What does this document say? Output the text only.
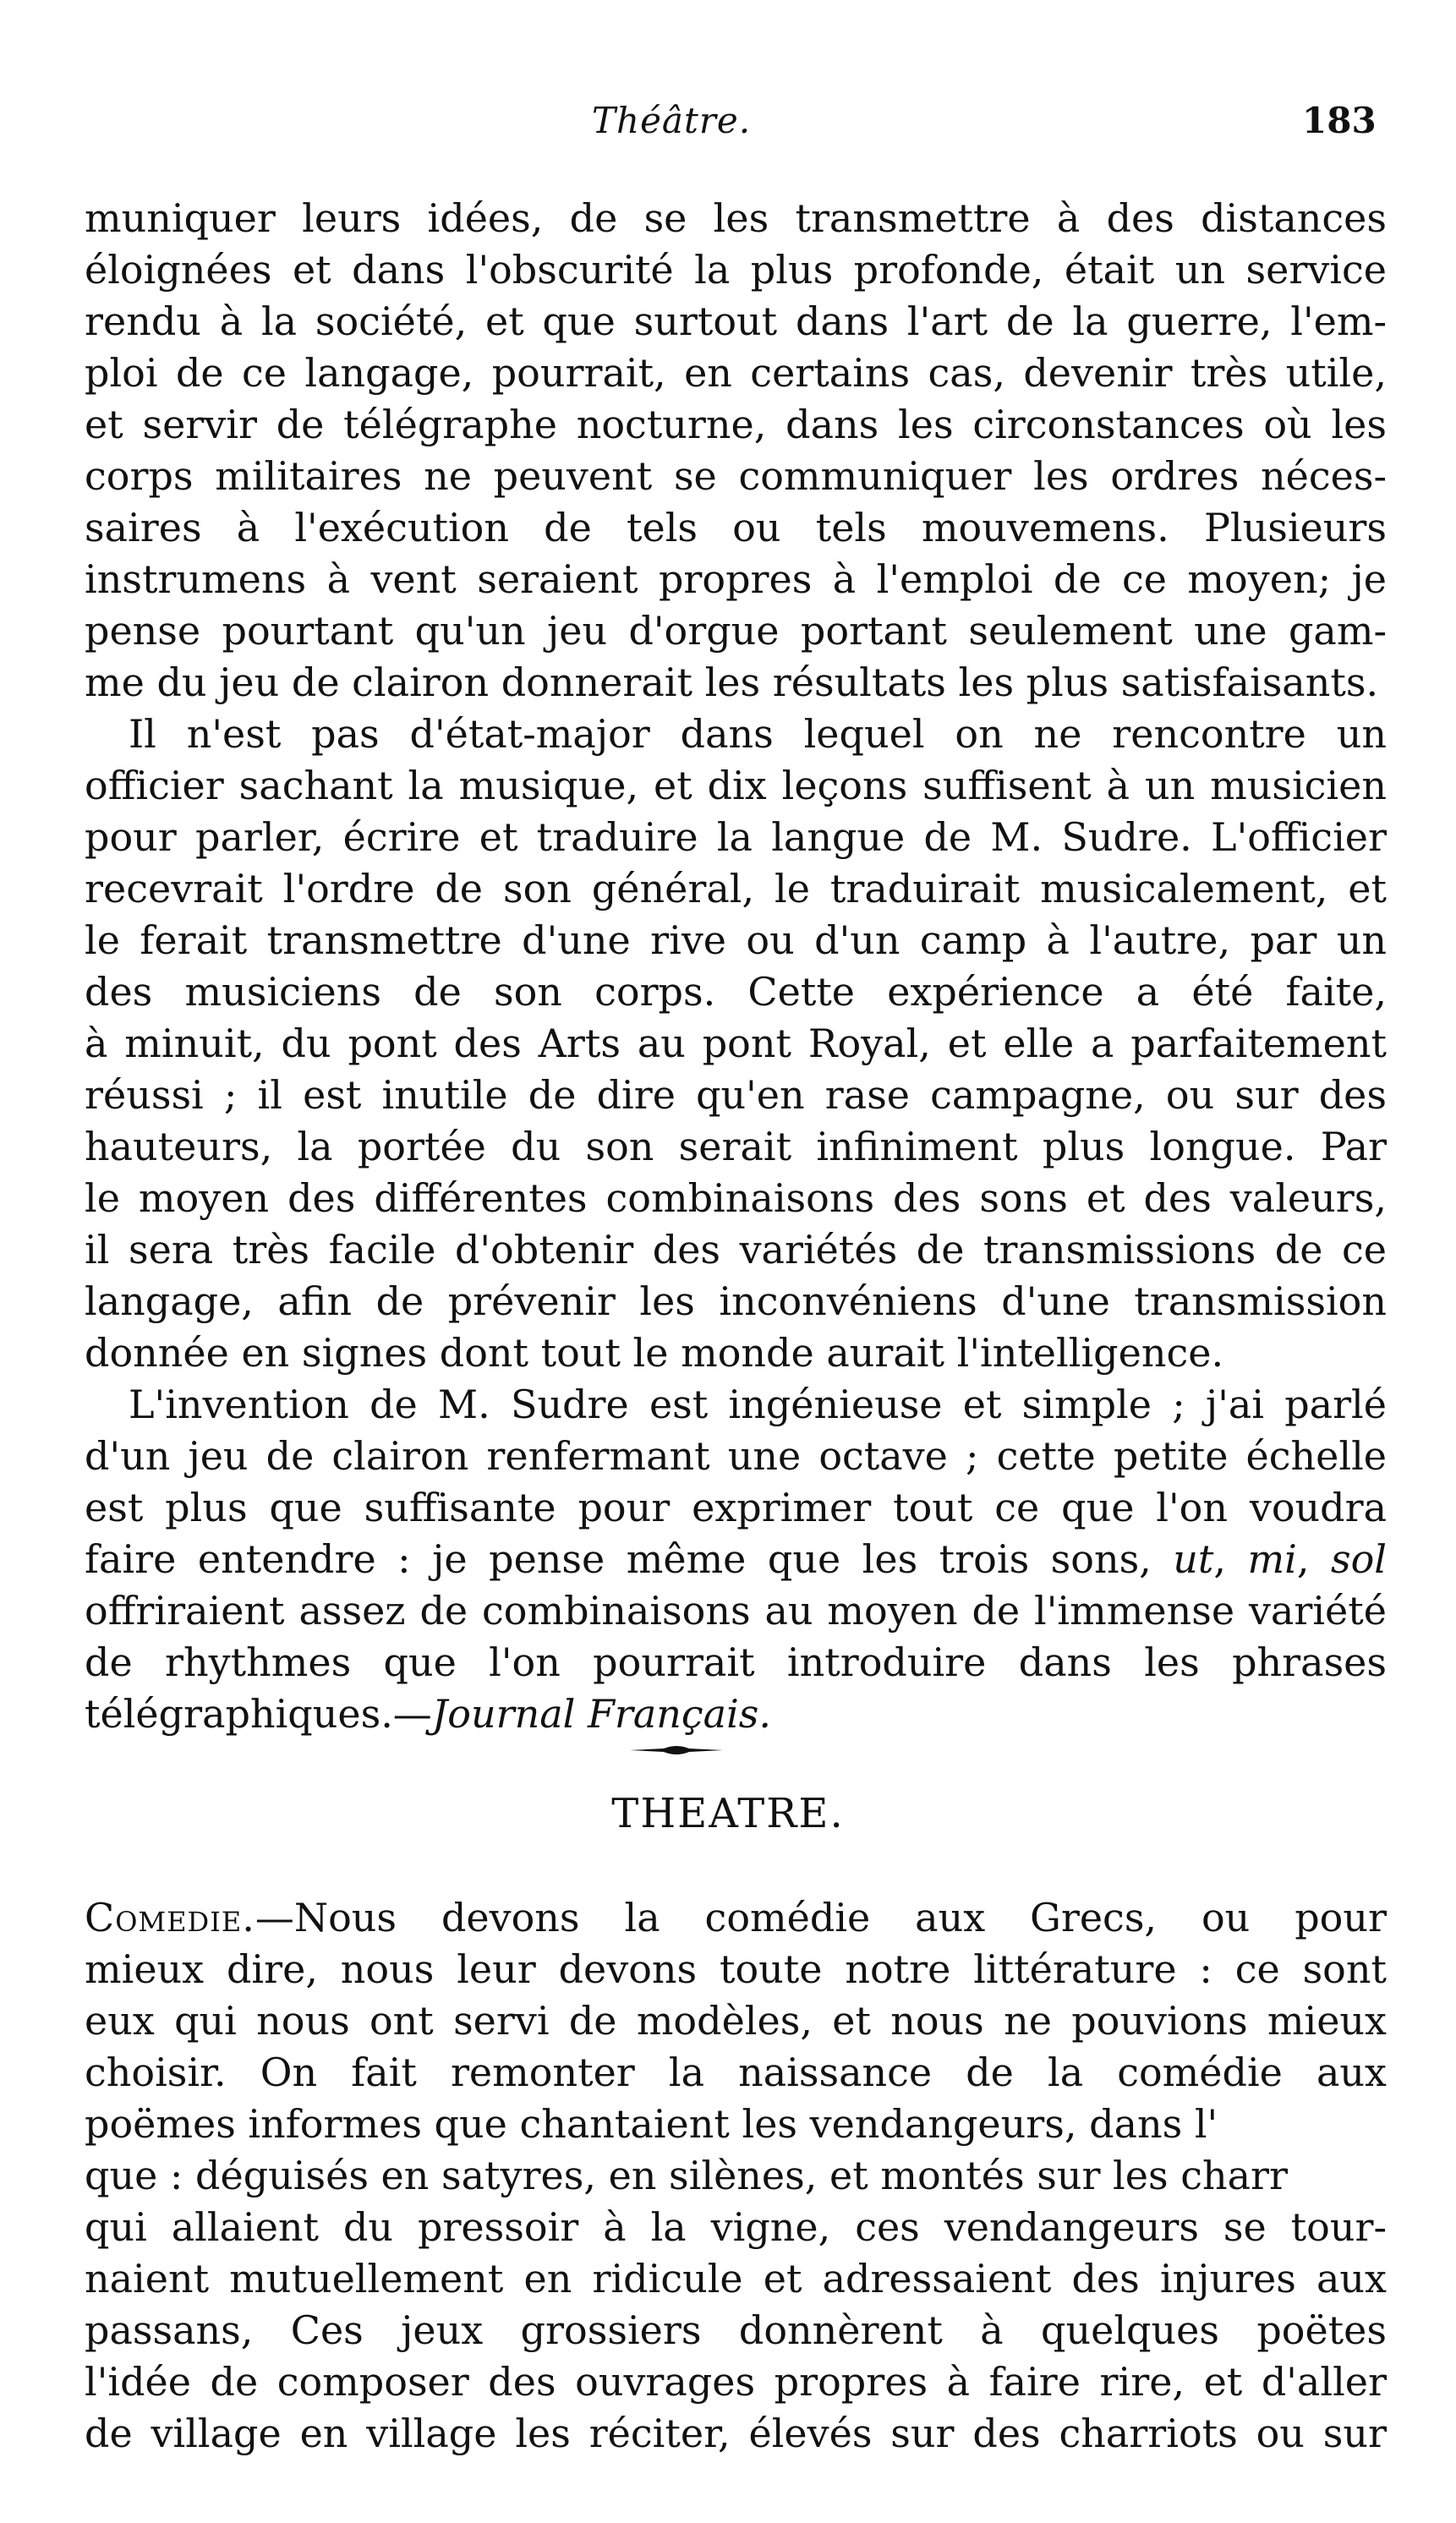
Théâtre.	183
muniquer leurs idées, de se les transmettre à des distances
éloignées et dans l'obscurité la plus profonde, était un service
rendu à la société, et que surtout dans l'art de la guerre, l'em-
ploi de ce langage, pourrait, en certains cas, devenir très utile,
et servir de télégraphe nocturne, dans les circonstances où les
corps militaires ne peuvent se communiquer les ordres néces-
saires à l'exécution de tels ou tels mouvemens. Plusieurs
instrumens à vent seraient propres à l'emploi de ce moyen; je
pense pourtant qu'un jeu d'orgue portant seulement une gam-
me du jeu de clairon donnerait les résultats les plus satisfaisants.
Il n'est pas d'état-major dans lequel on ne rencontre un
officier sachant la musique, et dix leçons suffisent à un musicien
pour parler, écrire et traduire la langue de M. Sudre. L'officier
recevrait l'ordre de son général, le traduirait musicalement, et
le ferait transmettre d'une rive ou d'un camp à l'autre, par un
des musiciens de son corps. Cette expérience a été faite,
à minuit, du pont des Arts au pont Royal, et elle a parfaitement
réussi ; il est inutile de dire qu'en rase campagne, ou sur des
hauteurs, la portée du son serait infiniment plus longue. Par
le moyen des différentes combinaisons des sons et des valeurs,
il sera très facile d'obtenir des variétés de transmissions de ce
langage, afin de prévenir les inconvéniens d'une transmission
donnée en signes dont tout le monde aurait l'intelligence.
L'invention de M. Sudre est ingénieuse et simple ; j'ai parlé
d'un jeu de clairon renfermant une octave ; cette petite échelle
est plus que suffisante pour exprimer tout ce que l'on voudra
faire entendre : je pense même que les trois sons, ut, mi, sol
offriraient assez de combinaisons au moyen de l'immense variété
de rhythmes que l'on pourrait introduire dans les phrases
télégraphiques.—Journal Français.
THEATRE.
Comedie.—Nous devons la comédie aux Grecs, ou pour
mieux dire, nous leur devons toute notre littérature : ce sont
eux qui nous ont servi de modèles, et nous ne pouvions mieux
choisir. On fait remonter la naissance de la comédie aux
poëmes informes que chantaient les vendangeurs, dans l'
que : déguisés en satyres, en silènes, et montés sur les charr
qui allaient du pressoir à la vigne, ces vendangeurs se tour-
naient mutuellement en ridicule et adressaient des injures aux
passans, Ces jeux grossiers donnèrent à quelques poëtes
l'idée de composer des ouvrages propres à faire rire, et d'aller
de village en village les réciter, élevés sur des charriots ou sur
